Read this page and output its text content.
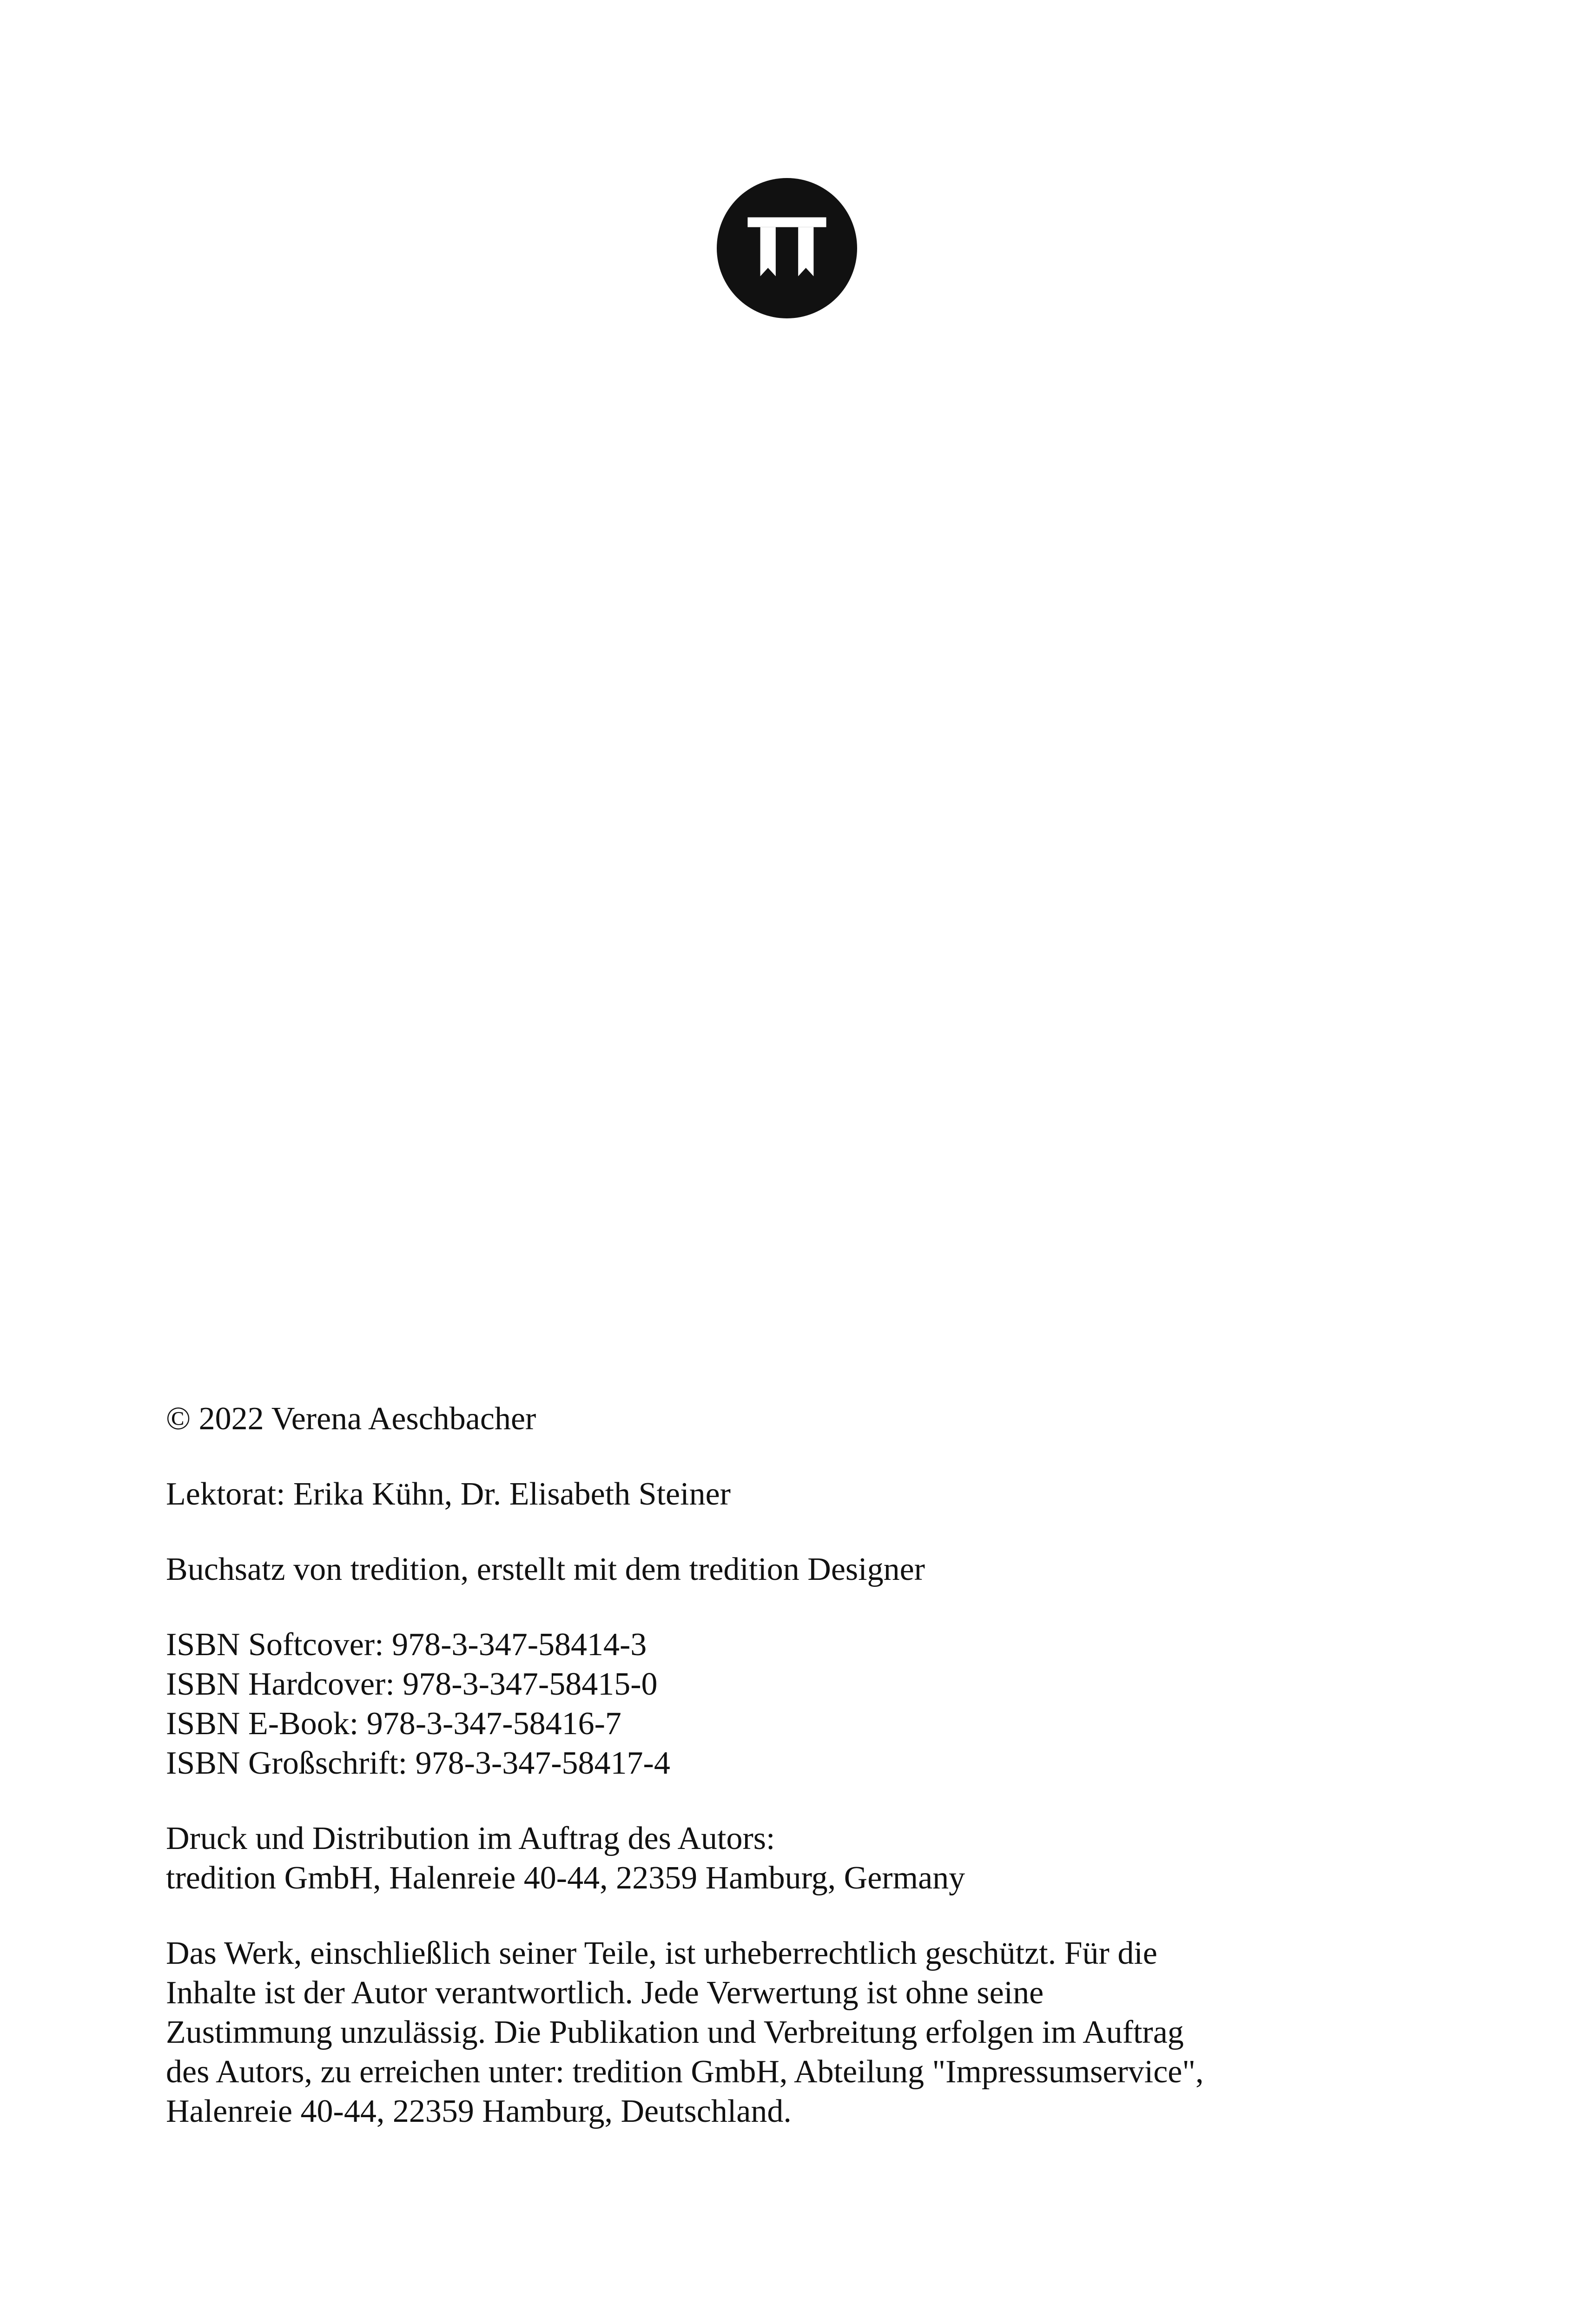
© 2022 Verena Aeschbacher
Lektorat: Erika Kühn, Dr. Elisabeth Steiner
Buchsatz von tredition, erstellt mit dem tredition Designer
ISBN Softcover: 978-3-347-58414-3
ISBN Hardcover: 978-3-347-58415-0
ISBN E-Book: 978-3-347-58416-7
ISBN Großschrift: 978-3-347-58417-4
Druck und Distribution im Auftrag des Autors:
tredition GmbH, Halenreie 40-44, 22359 Hamburg, Germany
Das Werk, einschließlich seiner Teile, ist urheberrechtlich geschützt. Für die
Inhalte ist der Autor verantwortlich. Jede Verwertung ist ohne seine
Zustimmung unzulässig. Die Publikation und Verbreitung erfolgen im Auftrag
des Autors, zu erreichen unter: tredition GmbH, Abteilung "Impressumservice",
Halenreie 40-44, 22359 Hamburg, Deutschland.
